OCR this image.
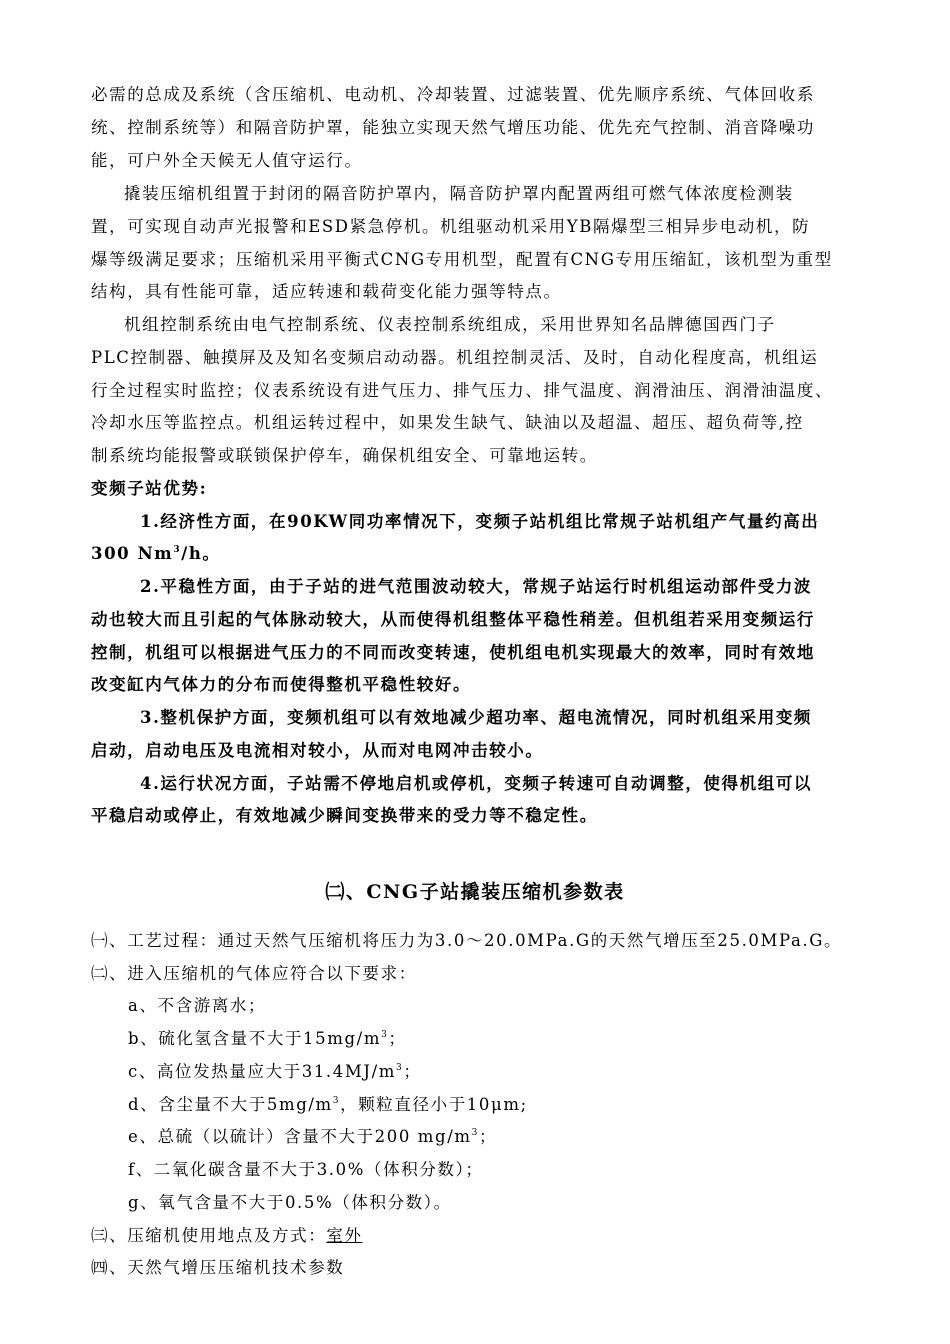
必需的总成及系统（含压缩机、电动机、冷却装置、过滤装置、优先顺序系统、气体回收系
统、控制系统等）和隔音防护罩，能独立实现天然气增压功能、优先充气控制、消音降噪功
能，可户外全天候无人值守运行。
撬装压缩机组置于封闭的隔音防护罩内，隔音防护罩内配置两组可燃气体浓度检测装
置，可实现自动声光报警和ESD紧急停机。机组驱动机采用YB隔爆型三相异步电动机，防
爆等级满足要求；压缩机采用平衡式CNG专用机型，配置有CNG专用压缩缸，该机型为重型
结构，具有性能可靠，适应转速和载荷变化能力强等特点。
机组控制系统由电气控制系统、仪表控制系统组成，采用世界知名品牌德国西门子
PLC控制器、触摸屏及及知名变频启动动器。机组控制灵活、及时，自动化程度高，机组运
行全过程实时监控；仪表系统设有进气压力、排气压力、排气温度、润滑油压、润滑油温度、
冷却水压等监控点。机组运转过程中，如果发生缺气、缺油以及超温、超压、超负荷等,控
制系统均能报警或联锁保护停车，确保机组安全、可靠地运转。
变频子站优势:
1.经济性方面，在90KW同功率情况下，变频子站机组比常规子站机组产气量约高出
300 Nm$^3$/h。
2.平稳性方面，由于子站的进气范围波动较大，常规子站运行时机组运动部件受力波
动也较大而且引起的气体脉动较大，从而使得机组整体平稳性稍差。但机组若采用变频运行
控制，机组可以根据进气压力的不同而改变转速，使机组电机实现最大的效率，同时有效地
改变缸内气体力的分布而使得整机平稳性较好。
3.整机保护方面，变频机组可以有效地减少超功率、超电流情况，同时机组采用变频
启动，启动电压及电流相对较小，从而对电网冲击较小。
4.运行状况方面，子站需不停地启机或停机，变频子转速可自动调整，使得机组可以
平稳启动或停止，有效地减少瞬间变换带来的受力等不稳定性。
㈡、CNG子站撬装压缩机参数表
㈠、工艺过程：通过天然气压缩机将压力为3.0～20.0MPa.G的天然气增压至25.0MPa.G。
㈡、进入压缩机的气体应符合以下要求：
a、不含游离水；
b、硫化氢含量不大于$15mg/m^3$；
c、高位发热量应大于$31.4MJ/m^3$；
d、含尘量不大于$5mg/m^3$，颗粒直径小于10μm;
e、总硫（以硫计）含量不大于200 $mg/m^3$；
f、二氧化碳含量不大于3.0%（体积分数）；
g、氧气含量不大于0.5%（体积分数）。
㈢、压缩机使用地点及方式：室外
㈣、天然气增压压缩机技术参数
